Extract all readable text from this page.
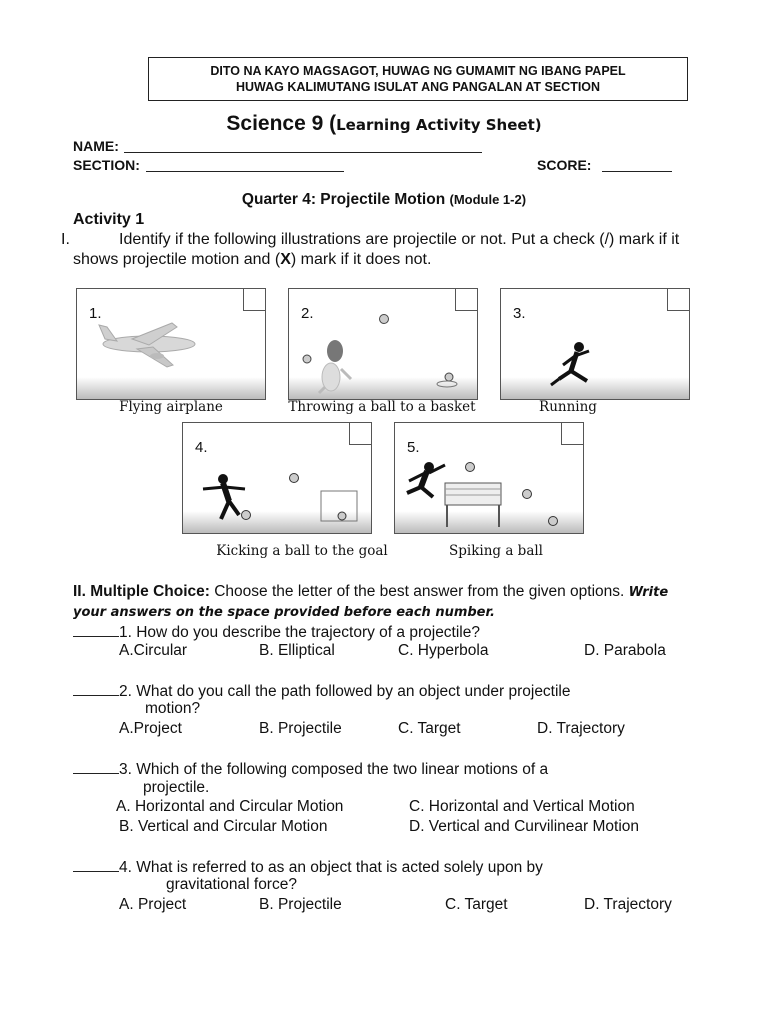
DITO NA KAYO MAGSAGOT, HUWAG NG GUMAMIT NG IBANG PAPEL
HUWAG KALIMUTANG ISULAT ANG PANGALAN AT SECTION
Science 9 (Learning Activity Sheet)
NAME:
SECTION:	SCORE:
Quarter 4: Projectile Motion (Module 1-2)
Activity 1
I.	Identify if the following illustrations are projectile or not. Put a check (/) mark if it shows projectile motion and (X) mark if it does not.
1.	2.	3.
Flying airplane	Throwing a ball to a basket	Running
4.	5.
Kicking a ball to the goal	Spiking a ball
II. Multiple Choice: Choose the letter of the best answer from the given options. Write your answers on the space provided before each number.
1. How do you describe the trajectory of a projectile?
A.Circular	B. Elliptical	C. Hyperbola	D. Parabola
2. What do you call the path followed by an object under projectile
motion?
A.Project	B. Projectile	C. Target	D. Trajectory
3. Which of the following composed the two linear motions of a
projectile.
A. Horizontal and Circular Motion	C. Horizontal and Vertical Motion
B. Vertical and Circular Motion	D. Vertical and Curvilinear Motion
4. What is referred to as an object that is acted solely upon by
gravitational force?
A. Project	B. Projectile	C. Target	D. Trajectory
